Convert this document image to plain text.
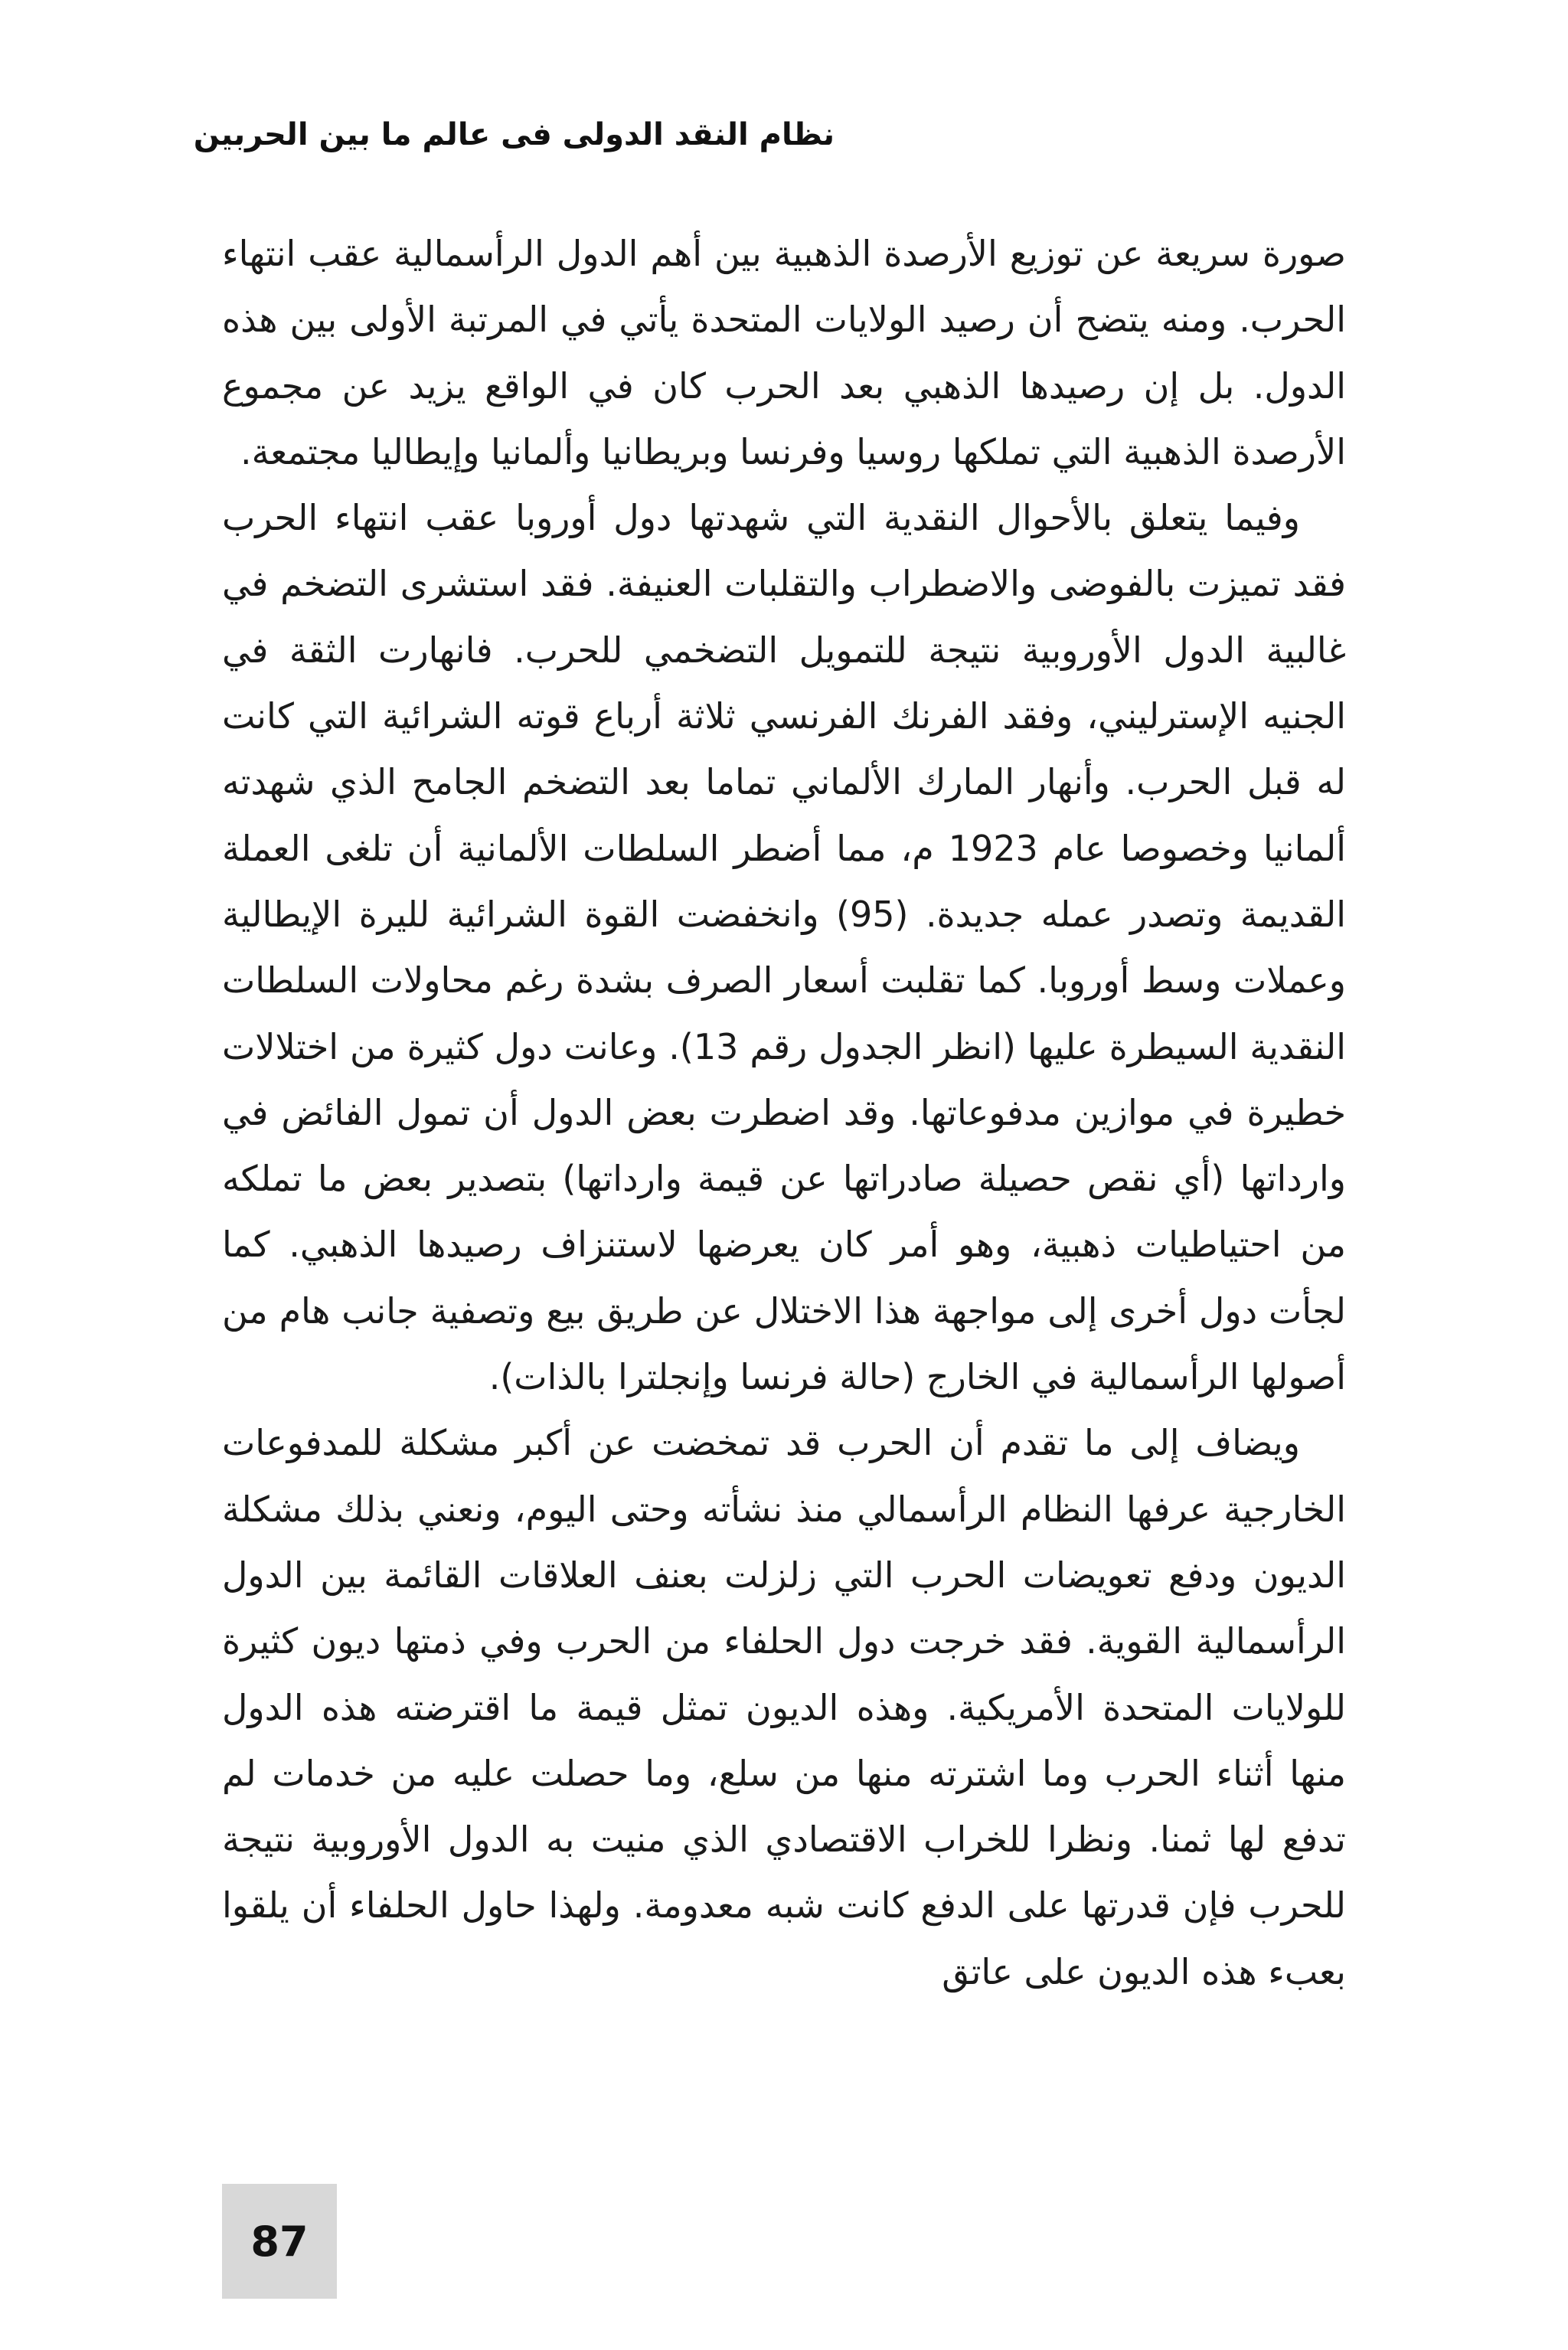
نظام النقد الدولى فى عالم ما بين الحربين

صورة سريعة عن توزيع الأرصدة الذهبية بين أهم الدول الرأسمالية عقب انتهاء الحرب. ومنه يتضح أن رصيد الولايات المتحدة يأتي في المرتبة الأولى بين هذه الدول. بل إن رصيدها الذهبي بعد الحرب كان في الواقع يزيد عن مجموع الأرصدة الذهبية التي تملكها روسيا وفرنسا وبريطانيا وألمانيا وإيطاليا مجتمعة.

وفيما يتعلق بالأحوال النقدية التي شهدتها دول أوروبا عقب انتهاء الحرب فقد تميزت بالفوضى والاضطراب والتقلبات العنيفة. فقد استشرى التضخم في غالبية الدول الأوروبية نتيجة للتمويل التضخمي للحرب. فانهارت الثقة في الجنيه الإسترليني، وفقد الفرنك الفرنسي ثلاثة أرباع قوته الشرائية التي كانت له قبل الحرب. وأنهار المارك الألماني تماما بعد التضخم الجامح الذي شهدته ألمانيا وخصوصا عام 1923 م، مما أضطر السلطات الألمانية أن تلغى العملة القديمة وتصدر عمله جديدة. (95) وانخفضت القوة الشرائية لليرة الإيطالية وعملات وسط أوروبا. كما تقلبت أسعار الصرف بشدة رغم محاولات السلطات النقدية السيطرة عليها (انظر الجدول رقم 13). وعانت دول كثيرة من اختلالات خطيرة في موازين مدفوعاتها. وقد اضطرت بعض الدول أن تمول الفائض في وارداتها (أي نقص حصيلة صادراتها عن قيمة وارداتها) بتصدير بعض ما تملكه من احتياطيات ذهبية، وهو أمر كان يعرضها لاستنزاف رصيدها الذهبي. كما لجأت دول أخرى إلى مواجهة هذا الاختلال عن طريق بيع وتصفية جانب هام من أصولها الرأسمالية في الخارج (حالة فرنسا وإنجلترا بالذات).

ويضاف إلى ما تقدم أن الحرب قد تمخضت عن أكبر مشكلة للمدفوعات الخارجية عرفها النظام الرأسمالي منذ نشأته وحتى اليوم، ونعني بذلك مشكلة الديون ودفع تعويضات الحرب التي زلزلت بعنف العلاقات القائمة بين الدول الرأسمالية القوية. فقد خرجت دول الحلفاء من الحرب وفي ذمتها ديون كثيرة للولايات المتحدة الأمريكية. وهذه الديون تمثل قيمة ما اقترضته هذه الدول منها أثناء الحرب وما اشترته منها من سلع، وما حصلت عليه من خدمات لم تدفع لها ثمنا. ونظرا للخراب الاقتصادي الذي منيت به الدول الأوروبية نتيجة للحرب فإن قدرتها على الدفع كانت شبه معدومة. ولهذا حاول الحلفاء أن يلقوا بعبء هذه الديون على عاتق

87
